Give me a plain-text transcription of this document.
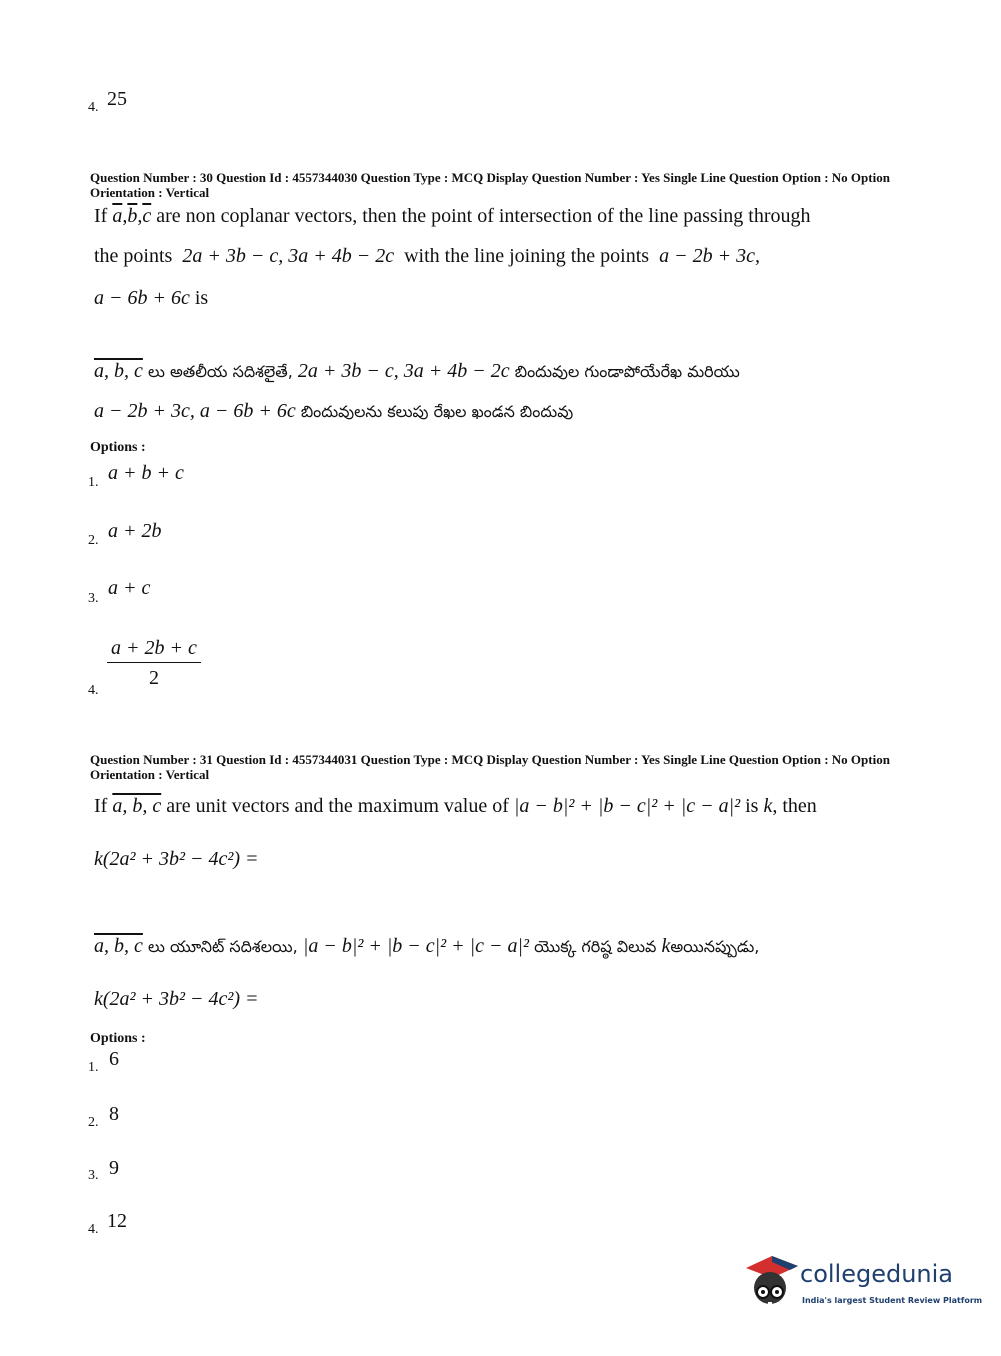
4. 25
Question Number : 30 Question Id : 4557344030 Question Type : MCQ Display Question Number : Yes Single Line Question Option : No Option Orientation : Vertical
If $\overline{a},\overline{b},\overline{c}$ are non coplanar vectors, then the point of intersection of the line passing through
the points 2a + 3b − c, 3a + 4b − 2c with the line joining the points a − 2b + 3c,
a − 6b + 6c is
a, b, c లు అతలీయ సదిశలైతే, 2a + 3b − c, 3a + 4b − 2c బిందువుల గుండాపోయేరేఖ మరియు
a − 2b + 3c, a − 6b + 6c బిందువులను కలుపు రేఖల ఖండన బిందువు
Options :
1. a + b + c
2. a + 2b
3. a + c
4.
$\frac{a + 2b + c}{2}$
Question Number : 31 Question Id : 4557344031 Question Type : MCQ Display Question Number : Yes Single Line Question Option : No Option Orientation : Vertical
If a, b, c are unit vectors and the maximum value of |a − b|² + |b − c|² + |c − a|² is k, then
k(2a² + 3b² − 4c²) =
a, b, c లు యూనిట్ సదిశలయి, |a − b|² + |b − c|² + |c − a|² యొక్క గరిష్ఠ విలువ kఅయినప్పుడు,
k(2a² + 3b² − 4c²) =
Options :
1. 6
2. 8
3. 9
4. 12
collegedunia
India's largest Student Review Platform
